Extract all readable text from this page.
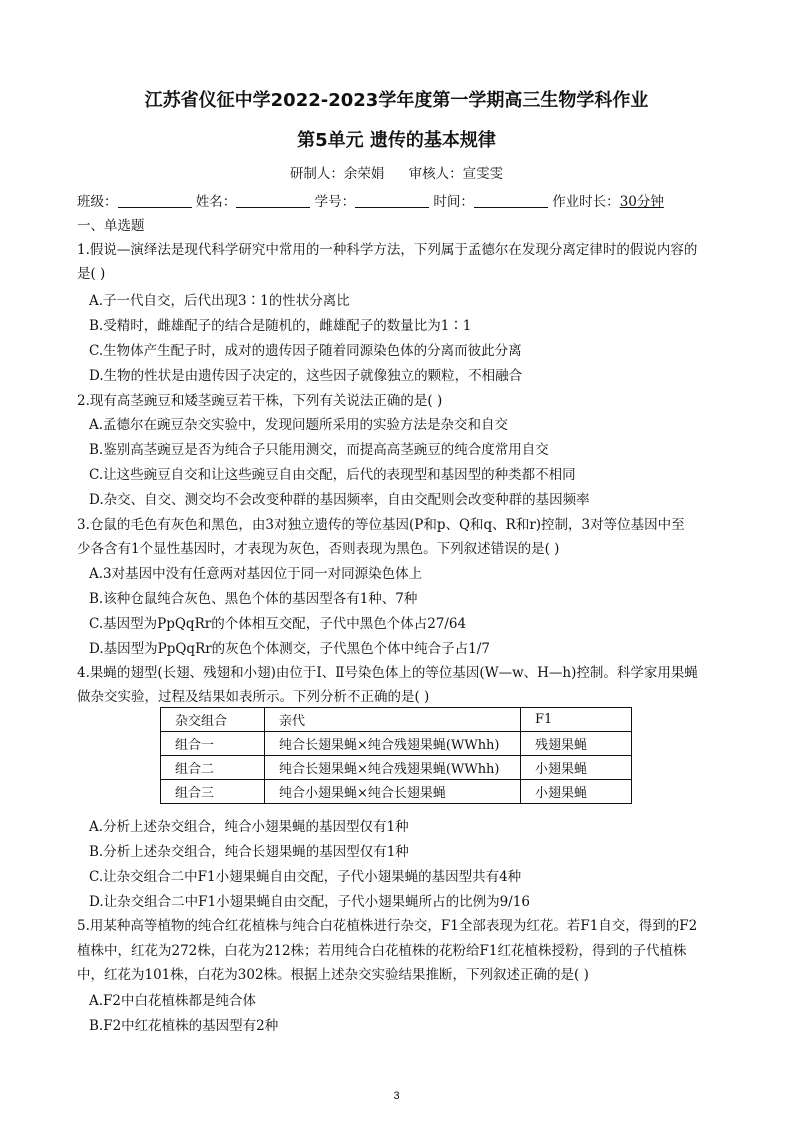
江苏省仪征中学2022-2023学年度第一学期高三生物学科作业
第5单元 遗传的基本规律
研制人：余荣娟 审核人：宣雯雯
班级：	姓名：	学号：	时间：	作业时长：30分钟
一、单选题
1.假说—演绎法是现代科学研究中常用的一种科学方法，下列属于孟德尔在发现分离定律时的假说内容的
是( )
A.子一代自交，后代出现3∶1的性状分离比
B.受精时，雌雄配子的结合是随机的，雌雄配子的数量比为1∶1
C.生物体产生配子时，成对的遗传因子随着同源染色体的分离而彼此分离
D.生物的性状是由遗传因子决定的，这些因子就像独立的颗粒，不相融合
2.现有高茎豌豆和矮茎豌豆若干株，下列有关说法正确的是( )
A.孟德尔在豌豆杂交实验中，发现问题所采用的实验方法是杂交和自交
B.鉴别高茎豌豆是否为纯合子只能用测交，而提高高茎豌豆的纯合度常用自交
C.让这些豌豆自交和让这些豌豆自由交配，后代的表现型和基因型的种类都不相同
D.杂交、自交、测交均不会改变种群的基因频率，自由交配则会改变种群的基因频率
3.仓鼠的毛色有灰色和黑色，由3对独立遗传的等位基因(P和p、Q和q、R和r)控制，3对等位基因中至
少各含有1个显性基因时，才表现为灰色，否则表现为黑色。下列叙述错误的是( )
A.3对基因中没有任意两对基因位于同一对同源染色体上
B.该种仓鼠纯合灰色、黑色个体的基因型各有1种、7种
C.基因型为PpQqRr的个体相互交配，子代中黑色个体占27/64
D.基因型为PpQqRr的灰色个体测交，子代黑色个体中纯合子占1/7
4.果蝇的翅型(长翅、残翅和小翅)由位于Ⅰ、Ⅱ号染色体上的等位基因(W—w、H—h)控制。科学家用果蝇
做杂交实验，过程及结果如表所示。下列分析不正确的是( )
杂交组合	亲代	F1
组合一	纯合长翅果蝇×纯合残翅果蝇(WWhh)	残翅果蝇
组合二	纯合长翅果蝇×纯合残翅果蝇(WWhh)	小翅果蝇
组合三	纯合小翅果蝇×纯合长翅果蝇	小翅果蝇
A.分析上述杂交组合，纯合小翅果蝇的基因型仅有1种
B.分析上述杂交组合，纯合长翅果蝇的基因型仅有1种
C.让杂交组合二中F1小翅果蝇自由交配，子代小翅果蝇的基因型共有4种
D.让杂交组合二中F1小翅果蝇自由交配，子代小翅果蝇所占的比例为9/16
5.用某种高等植物的纯合红花植株与纯合白花植株进行杂交，F1全部表现为红花。若F1自交，得到的F2
植株中，红花为272株，白花为212株；若用纯合白花植株的花粉给F1红花植株授粉，得到的子代植株
中，红花为101株，白花为302株。根据上述杂交实验结果推断，下列叙述正确的是( )
A.F2中白花植株都是纯合体
B.F2中红花植株的基因型有2种
3
